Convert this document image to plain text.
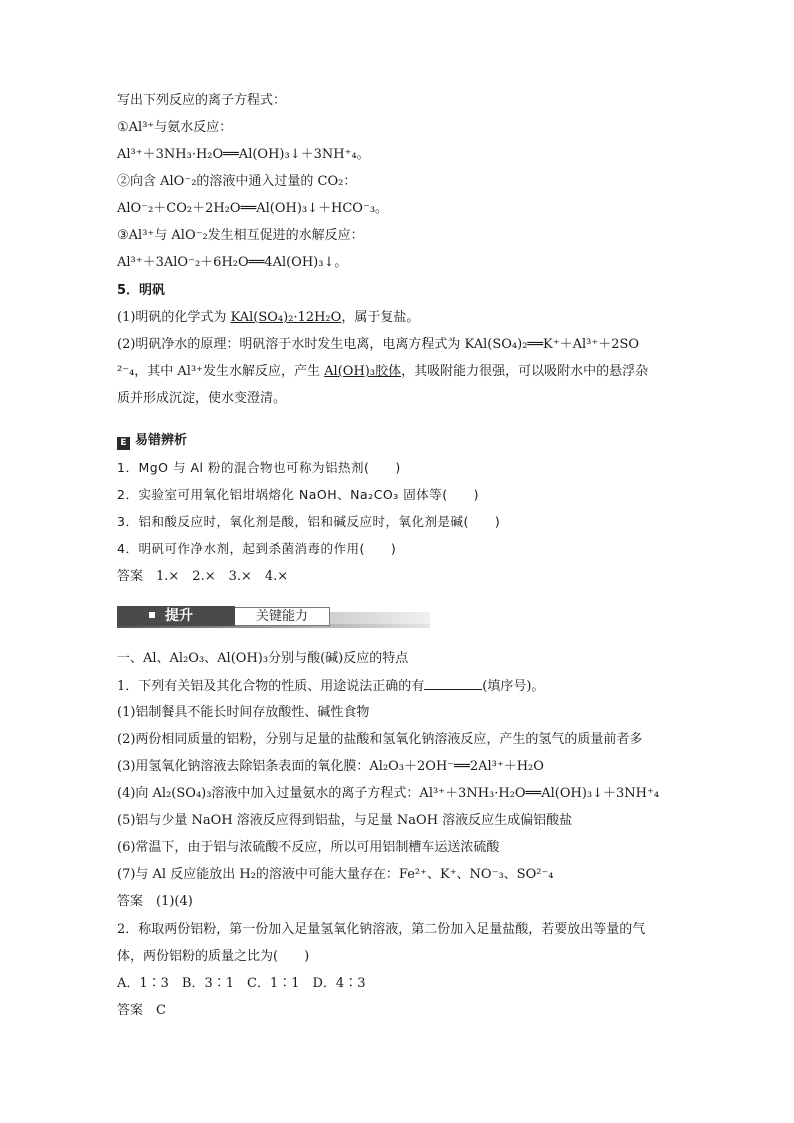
写出下列反应的离子方程式：
①Al³⁺与氨水反应：
Al³⁺＋3NH₃·H₂O══Al(OH)₃↓＋3NH⁺₄。
②向含 AlO⁻₂的溶液中通入过量的 CO₂：
AlO⁻₂＋CO₂＋2H₂O══Al(OH)₃↓＋HCO⁻₃。
③Al³⁺与 AlO⁻₂发生相互促进的水解反应：
Al³⁺＋3AlO⁻₂＋6H₂O══4Al(OH)₃↓。
5．明矾
(1)明矾的化学式为 KAl(SO₄)₂·12H₂O，属于复盐。
(2)明矾净水的原理：明矾溶于水时发生电离，电离方程式为 KAl(SO₄)₂══K⁺＋Al³⁺＋2SO
²⁻₄，其中 Al³⁺发生水解反应，产生 Al(OH)₃胶体，其吸附能力很强，可以吸附水中的悬浮杂
质并形成沉淀，使水变澄清。
E 易错辨析
1．MgO 与 Al 粉的混合物也可称为铝热剂(　　)
2．实验室可用氧化铝坩埚熔化 NaOH、Na₂CO₃ 固体等(　　)
3．铝和酸反应时，氧化剂是酸，铝和碱反应时，氧化剂是碱(　　)
4．明矾可作净水剂，起到杀菌消毒的作用(　　)
答案　1.×　2.×　3.×　4.×
提升	关键能力
一、Al、Al₂O₃、Al(OH)₃分别与酸(碱)反应的特点
1．下列有关铝及其化合物的性质、用途说法正确的有	(填序号)。
(1)铝制餐具不能长时间存放酸性、碱性食物
(2)两份相同质量的铝粉，分别与足量的盐酸和氢氧化钠溶液反应，产生的氢气的质量前者多
(3)用氢氧化钠溶液去除铝条表面的氧化膜：Al₂O₃＋2OH⁻══2Al³⁺＋H₂O
(4)向 Al₂(SO₄)₃溶液中加入过量氨水的离子方程式：Al³⁺＋3NH₃·H₂O══Al(OH)₃↓＋3NH⁺₄
(5)铝与少量 NaOH 溶液反应得到铝盐，与足量 NaOH 溶液反应生成偏铝酸盐
(6)常温下，由于铝与浓硫酸不反应，所以可用铝制槽车运送浓硫酸
(7)与 Al 反应能放出 H₂的溶液中可能大量存在：Fe²⁺、K⁺、NO⁻₃、SO²⁻₄
答案　(1)(4)
2．称取两份铝粉，第一份加入足量氢氧化钠溶液，第二份加入足量盐酸，若要放出等量的气
体，两份铝粉的质量之比为(　　)
A．1∶3　B．3∶1　C．1∶1　D．4∶3
答案　C
